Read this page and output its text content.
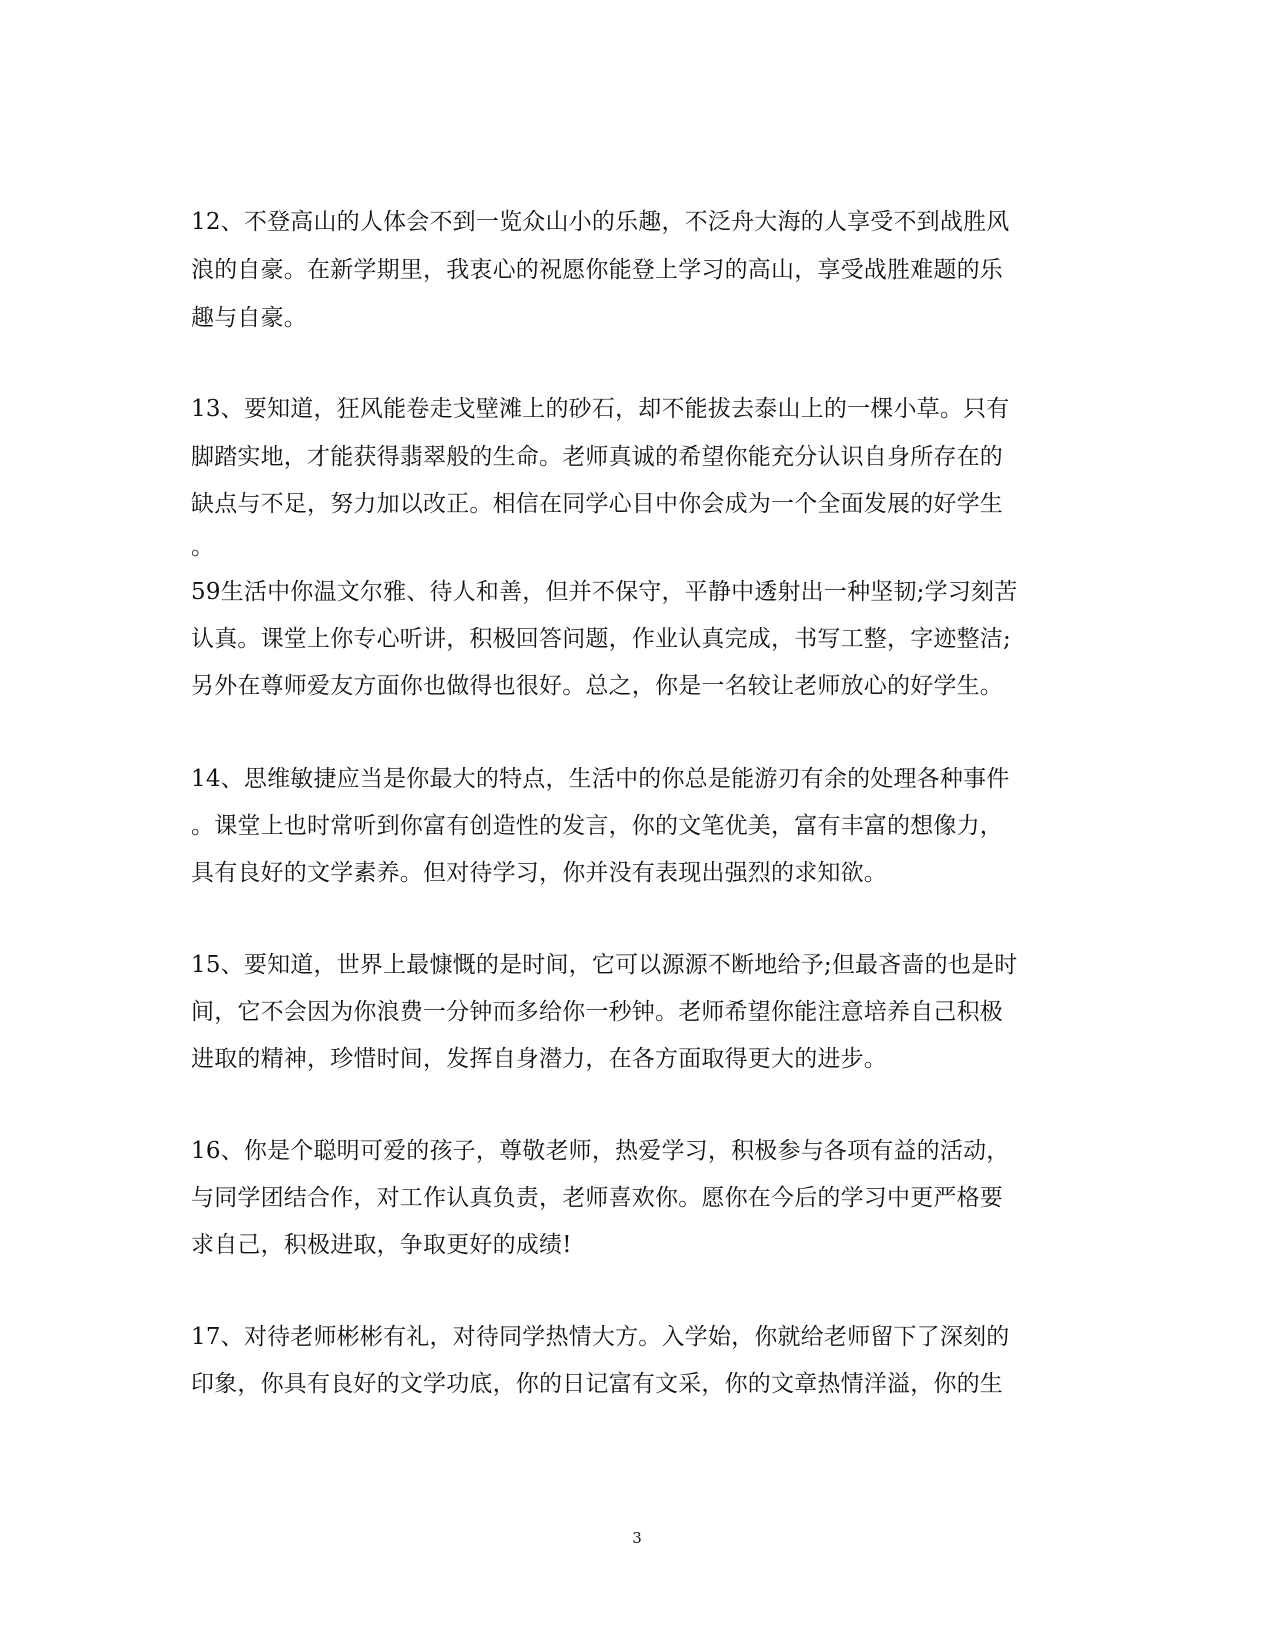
12、不登高山的人体会不到一览众山小的乐趣，不泛舟大海的人享受不到战胜风
浪的自豪。在新学期里，我衷心的祝愿你能登上学习的高山，享受战胜难题的乐
趣与自豪。
13、要知道，狂风能卷走戈壁滩上的砂石，却不能拔去泰山上的一棵小草。只有
脚踏实地，才能获得翡翠般的生命。老师真诚的希望你能充分认识自身所存在的
缺点与不足，努力加以改正。相信在同学心目中你会成为一个全面发展的好学生
。
59生活中你温文尔雅、待人和善，但并不保守，平静中透射出一种坚韧;学习刻苦
认真。课堂上你专心听讲，积极回答问题，作业认真完成，书写工整，字迹整洁;
另外在尊师爱友方面你也做得也很好。总之，你是一名较让老师放心的好学生。
14、思维敏捷应当是你最大的特点，生活中的你总是能游刃有余的处理各种事件
。课堂上也时常听到你富有创造性的发言，你的文笔优美，富有丰富的想像力，
具有良好的文学素养。但对待学习，你并没有表现出强烈的求知欲。
15、要知道，世界上最慷慨的是时间，它可以源源不断地给予;但最吝啬的也是时
间，它不会因为你浪费一分钟而多给你一秒钟。老师希望你能注意培养自己积极
进取的精神，珍惜时间，发挥自身潜力，在各方面取得更大的进步。
16、你是个聪明可爱的孩子，尊敬老师，热爱学习，积极参与各项有益的活动，
与同学团结合作，对工作认真负责，老师喜欢你。愿你在今后的学习中更严格要
求自己，积极进取，争取更好的成绩!
17、对待老师彬彬有礼，对待同学热情大方。入学始，你就给老师留下了深刻的
印象，你具有良好的文学功底，你的日记富有文采，你的文章热情洋溢，你的生
3
